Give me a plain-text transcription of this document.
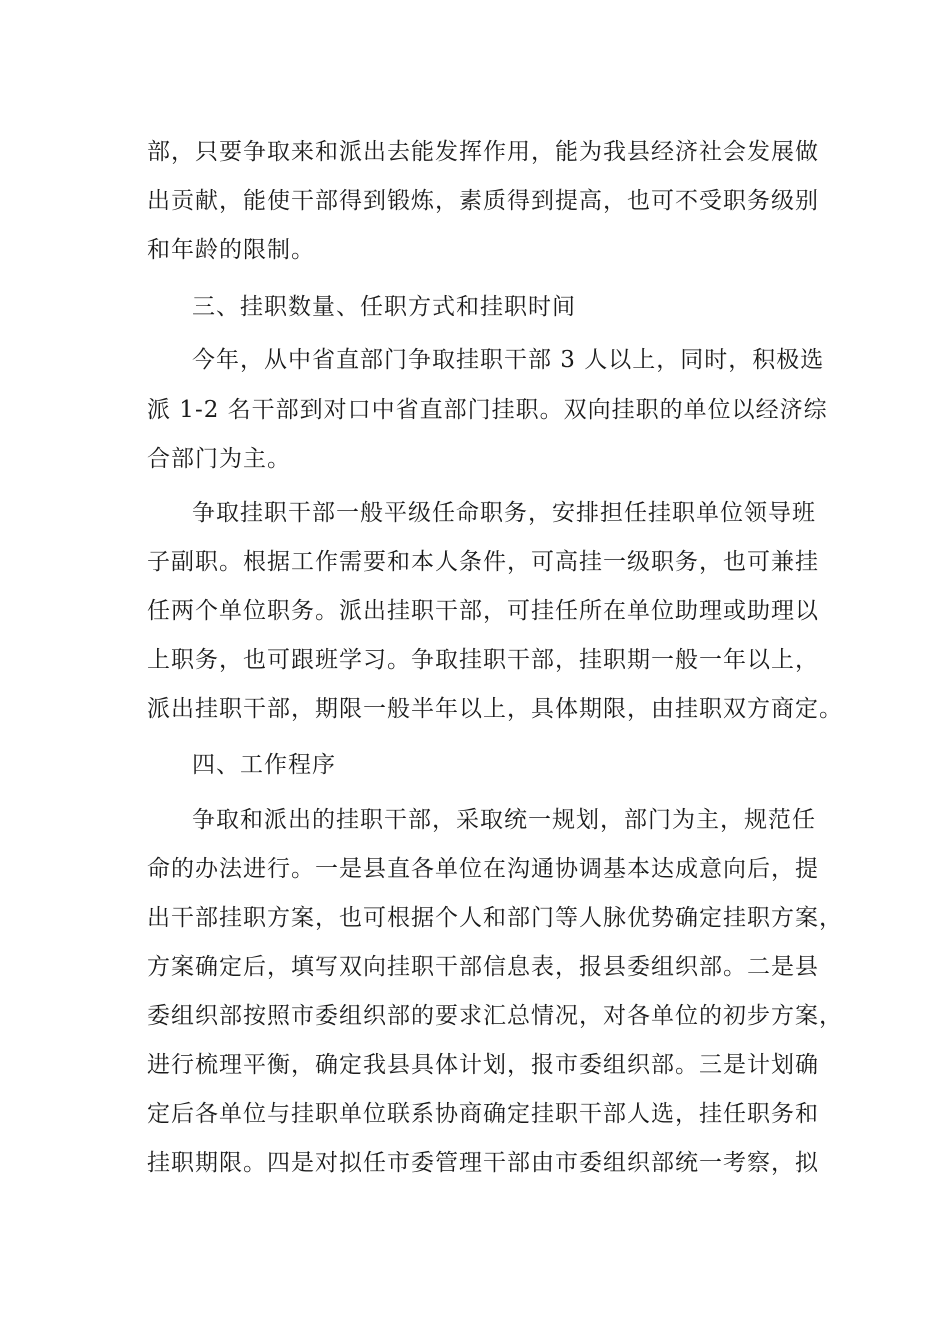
部，只要争取来和派出去能发挥作用，能为我县经济社会发展做
出贡献，能使干部得到锻炼，素质得到提高，也可不受职务级别
和年龄的限制。
三、挂职数量、任职方式和挂职时间
今年，从中省直部门争取挂职干部 3 人以上，同时，积极选
派 1-2 名干部到对口中省直部门挂职。双向挂职的单位以经济综
合部门为主。
争取挂职干部一般平级任命职务，安排担任挂职单位领导班
子副职。根据工作需要和本人条件，可高挂一级职务，也可兼挂
任两个单位职务。派出挂职干部，可挂任所在单位助理或助理以
上职务，也可跟班学习。争取挂职干部，挂职期一般一年以上，
派出挂职干部，期限一般半年以上，具体期限，由挂职双方商定。
四、工作程序
争取和派出的挂职干部，采取统一规划，部门为主，规范任
命的办法进行。一是县直各单位在沟通协调基本达成意向后，提
出干部挂职方案，也可根据个人和部门等人脉优势确定挂职方案，
方案确定后，填写双向挂职干部信息表，报县委组织部。二是县
委组织部按照市委组织部的要求汇总情况，对各单位的初步方案，
进行梳理平衡，确定我县具体计划，报市委组织部。三是计划确
定后各单位与挂职单位联系协商确定挂职干部人选，挂任职务和
挂职期限。四是对拟任市委管理干部由市委组织部统一考察，拟
